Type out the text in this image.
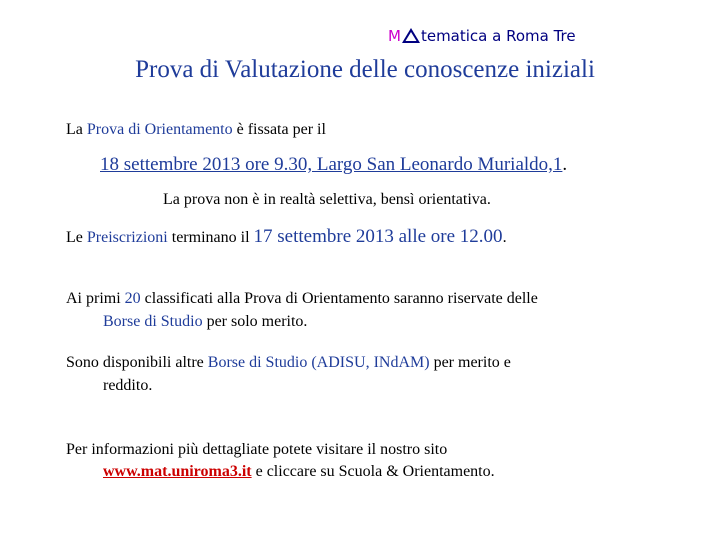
M tematica a Roma Tre
Prova di Valutazione delle conoscenze iniziali
La Prova di Orientamento è fissata per il
18 settembre 2013 ore 9.30, Largo San Leonardo Murialdo,1.
La prova non è in realtà selettiva, bensì orientativa.
Le Preiscrizioni terminano il 17 settembre 2013 alle ore 12.00.
Ai primi 20 classificati alla Prova di Orientamento saranno riservate delle
Borse di Studio per solo merito.
Sono disponibili altre Borse di Studio (ADISU, INdAM) per merito e
reddito.
Per informazioni più dettagliate potete visitare il nostro sito
www.mat.uniroma3.it e cliccare su Scuola & Orientamento.
